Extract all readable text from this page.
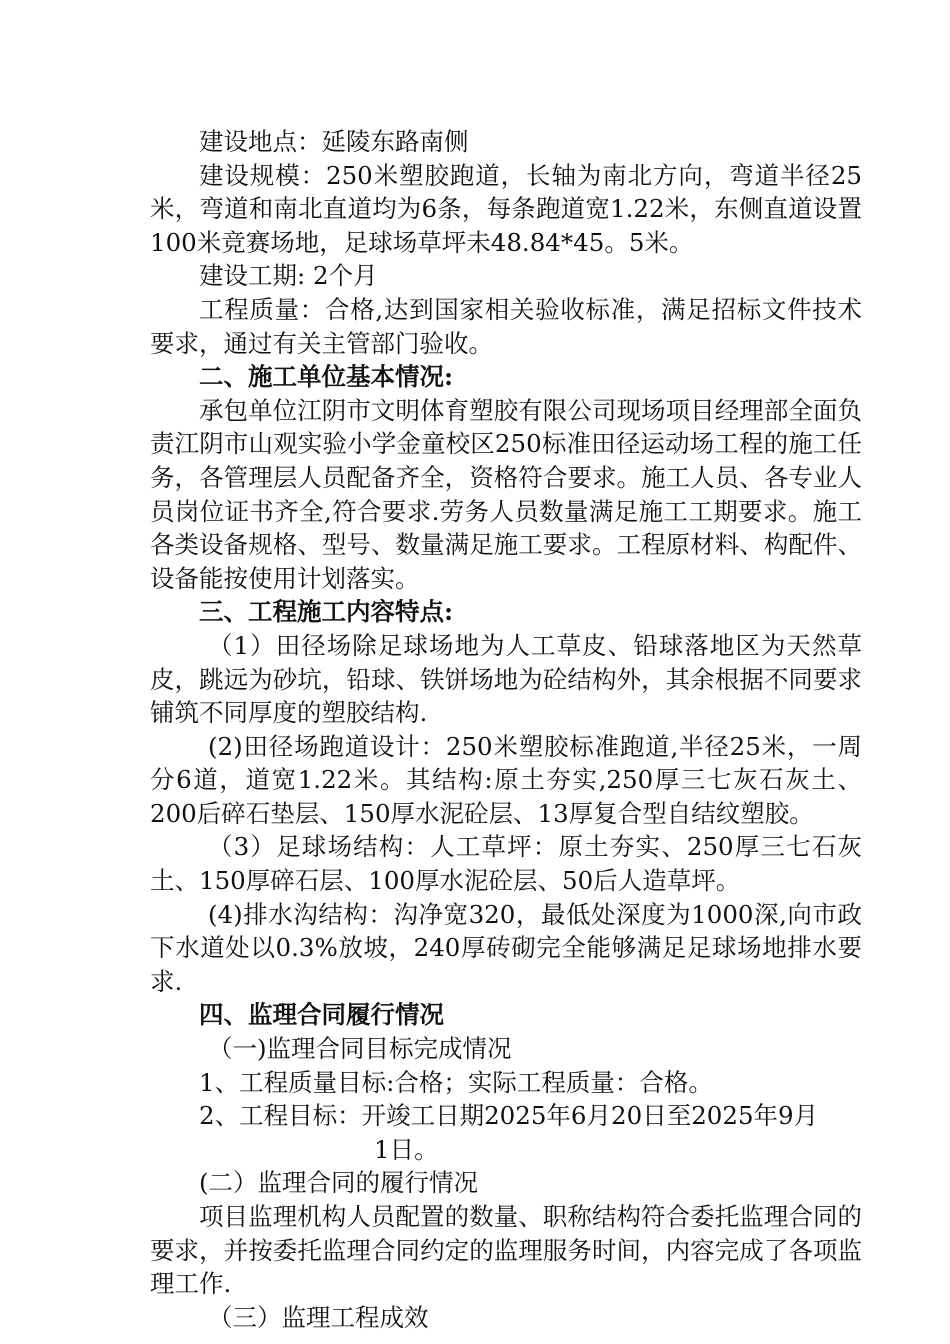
建设地点：延陵东路南侧

建设规模：250米塑胶跑道，长轴为南北方向，弯道半径25米，弯道和南北直道均为6条，每条跑道宽1.22米，东侧直道设置100米竞赛场地，足球场草坪未48.84*45。5米。

建设工期: 2个月

工程质量：合格,达到国家相关验收标准，满足招标文件技术要求，通过有关主管部门验收。

二、施工单位基本情况:

承包单位江阴市文明体育塑胶有限公司现场项目经理部全面负责江阴市山观实验小学金童校区250标准田径运动场工程的施工任务，各管理层人员配备齐全，资格符合要求。施工人员、各专业人员岗位证书齐全,符合要求.劳务人员数量满足施工工期要求。施工各类设备规格、型号、数量满足施工要求。工程原材料、构配件、设备能按使用计划落实。

三、工程施工内容特点:

（1）田径场除足球场地为人工草皮、铅球落地区为天然草皮，跳远为砂坑，铅球、铁饼场地为砼结构外，其余根据不同要求铺筑不同厚度的塑胶结构.

(2)田径场跑道设计：250米塑胶标准跑道,半径25米，一周分6道，道宽1.22米。其结构:原土夯实,250厚三七灰石灰土、200后碎石垫层、150厚水泥砼层、13厚复合型自结纹塑胶。

（3）足球场结构：人工草坪：原土夯实、250厚三七石灰土、150厚碎石层、100厚水泥砼层、50后人造草坪。

(4)排水沟结构：沟净宽320，最低处深度为1000深,向市政下水道处以0.3%放坡，240厚砖砌完全能够满足足球场地排水要求.

四、监理合同履行情况

（一)监理合同目标完成情况

1、工程质量目标:合格；实际工程质量：合格。

2、工程目标：开竣工日期2025年6月20日至2025年9月

1日。

(二）监理合同的履行情况

项目监理机构人员配置的数量、职称结构符合委托监理合同的要求，并按委托监理合同约定的监理服务时间，内容完成了各项监理工作.

（三）监理工程成效
